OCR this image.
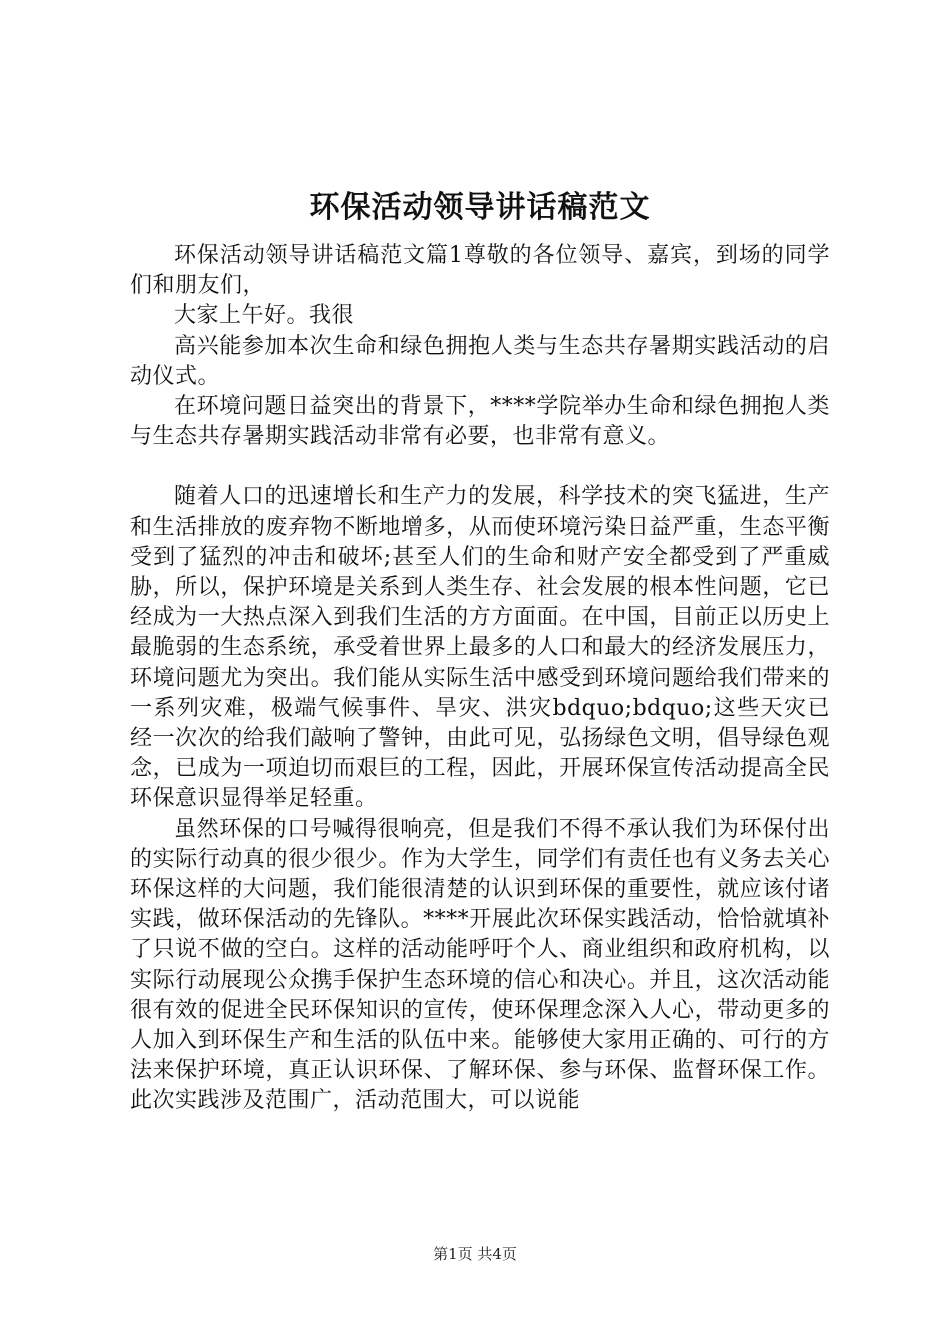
环保活动领导讲话稿范文

环保活动领导讲话稿范文篇1尊敬的各位领导、嘉宾，到场的同学们和朋友们，

大家上午好。我很

高兴能参加本次生命和绿色拥抱人类与生态共存暑期实践活动的启动仪式。

在环境问题日益突出的背景下，****学院举办生命和绿色拥抱人类与生态共存暑期实践活动非常有必要，也非常有意义。

随着人口的迅速增长和生产力的发展，科学技术的突飞猛进，生产和生活排放的废弃物不断地增多，从而使环境污染日益严重，生态平衡受到了猛烈的冲击和破坏;甚至人们的生命和财产安全都受到了严重威胁，所以，保护环境是关系到人类生存、社会发展的根本性问题，它已经成为一大热点深入到我们生活的方方面面。在中国，目前正以历史上最脆弱的生态系统，承受着世界上最多的人口和最大的经济发展压力，环境问题尤为突出。我们能从实际生活中感受到环境问题给我们带来的一系列灾难，极端气候事件、旱灾、洪灾bdquo;bdquo;这些天灾已经一次次的给我们敲响了警钟，由此可见，弘扬绿色文明，倡导绿色观念，已成为一项迫切而艰巨的工程，因此，开展环保宣传活动提高全民环保意识显得举足轻重。

虽然环保的口号喊得很响亮，但是我们不得不承认我们为环保付出的实际行动真的很少很少。作为大学生，同学们有责任也有义务去关心环保这样的大问题，我们能很清楚的认识到环保的重要性，就应该付诸实践，做环保活动的先锋队。****开展此次环保实践活动，恰恰就填补了只说不做的空白。这样的活动能呼吁个人、商业组织和政府机构，以实际行动展现公众携手保护生态环境的信心和决心。并且，这次活动能很有效的促进全民环保知识的宣传，使环保理念深入人心，带动更多的人加入到环保生产和生活的队伍中来。能够使大家用正确的、可行的方法来保护环境，真正认识环保、了解环保、参与环保、监督环保工作。此次实践涉及范围广，活动范围大，可以说能

第1页 共4页
